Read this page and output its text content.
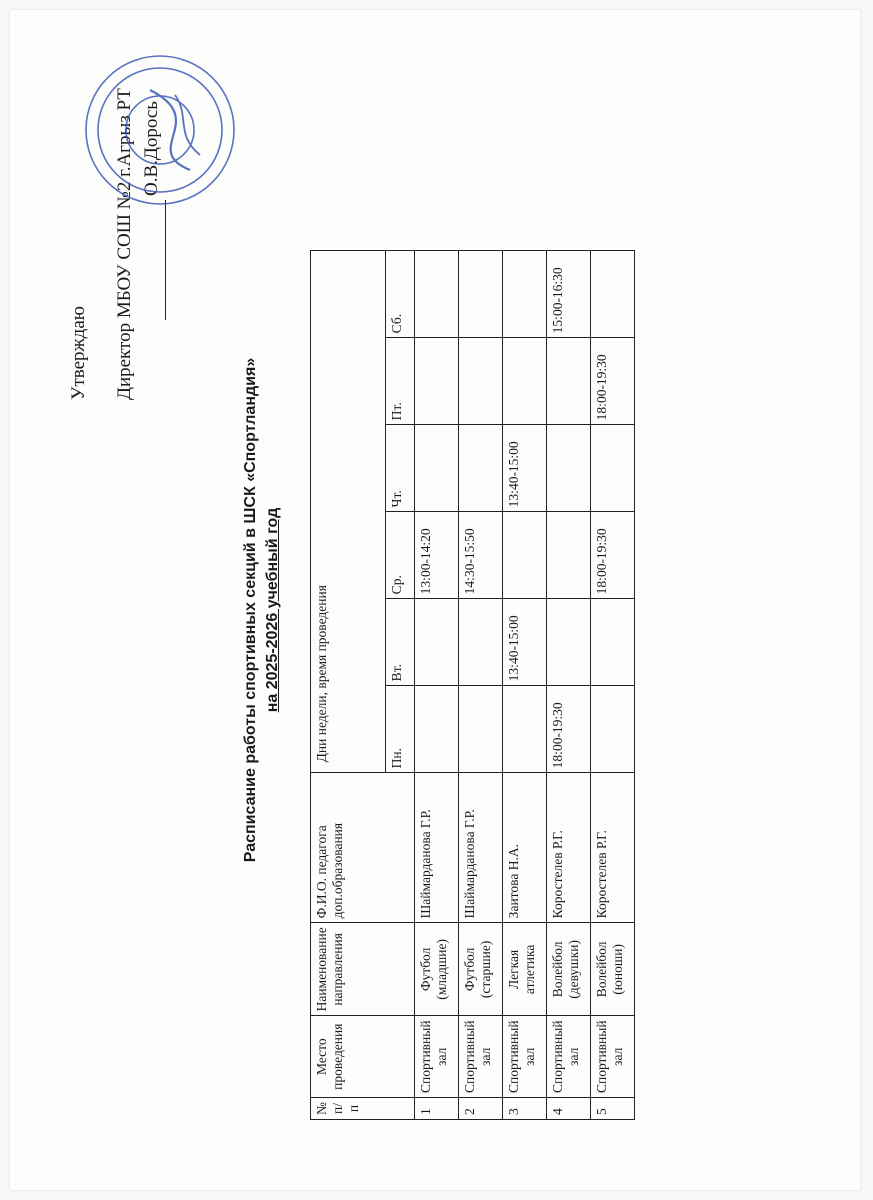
Утверждаю Директор МБОУ СОШ №2 г.Агрыз РТ О.В.Дорось
Расписание работы спортивных секций в ШСК «Спортландия» на 2025-2026 учебный год
№ п/п	Место проведения	Наименование направления	Ф.И.О. педагога доп.образования	Дни недели, время проведения					
				Пн.	Вт.	Ср.	Чт.	Пт.	Сб.
1	Спортивный зал	Футбол (младшие)	Шаймарданова Г.Р.			13:00-14:20			
2	Спортивный зал	Футбол (старшие)	Шаймарданова Г.Р.			14:30-15:50			
3	Спортивный зал	Легкая атлетика	Заитова Н.А.		13:40-15:00		13:40-15:00		
4	Спортивный зал	Волейбол (девушки)	Коростелев Р.Г.	18:00-19:30					15:00-16:30
5	Спортивный зал	Волейбол (юноши)	Коростелев Р.Г.			18:00-19:30		18:00-19:30	
